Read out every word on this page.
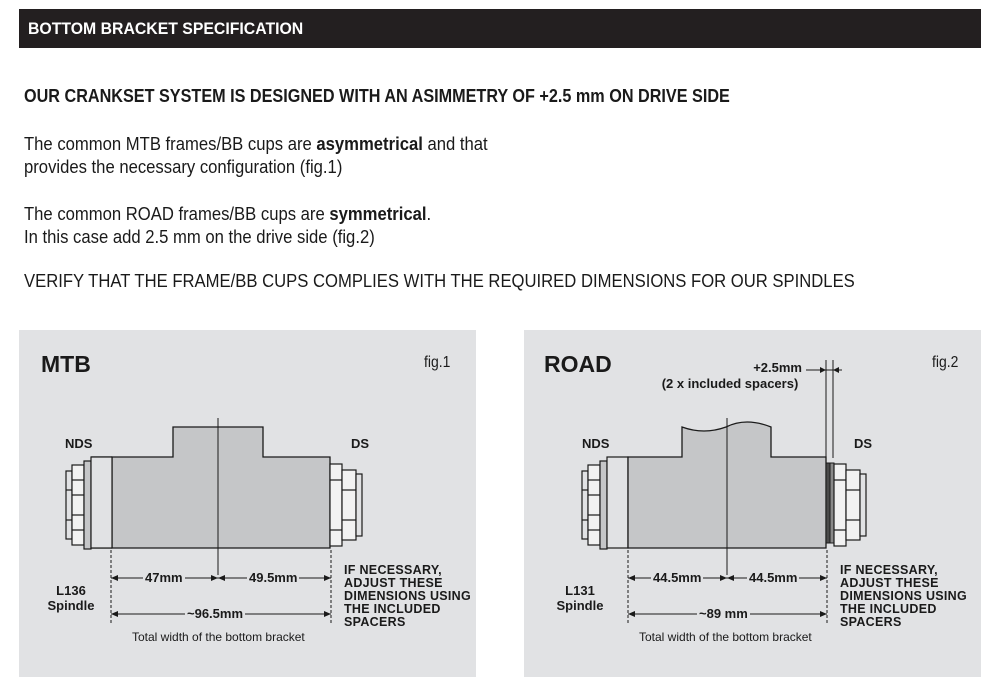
BOTTOM BRACKET SPECIFICATION
OUR CRANKSET SYSTEM IS DESIGNED WITH AN ASIMMETRY OF +2.5 mm ON DRIVE SIDE
The common MTB frames/BB cups are asymmetrical and that
provides the necessary configuration (fig.1)
The common ROAD frames/BB cups are symmetrical.
In this case add 2.5 mm on the drive side (fig.2)
VERIFY THAT THE FRAME/BB CUPS COMPLIES WITH THE REQUIRED DIMENSIONS FOR OUR SPINDLES
MTB	fig.1
NDS	DS
47mm	49.5mm
~96.5mm
L136
Spindle
IF NECESSARY,
ADJUST THESE
DIMENSIONS USING
THE INCLUDED
SPACERS
Total width of the bottom bracket
ROAD	fig.2
+2.5mm
(2 x included spacers)
NDS	DS
44.5mm	44.5mm
~89 mm
L131
Spindle
IF NECESSARY,
ADJUST THESE
DIMENSIONS USING
THE INCLUDED
SPACERS
Total width of the bottom bracket
